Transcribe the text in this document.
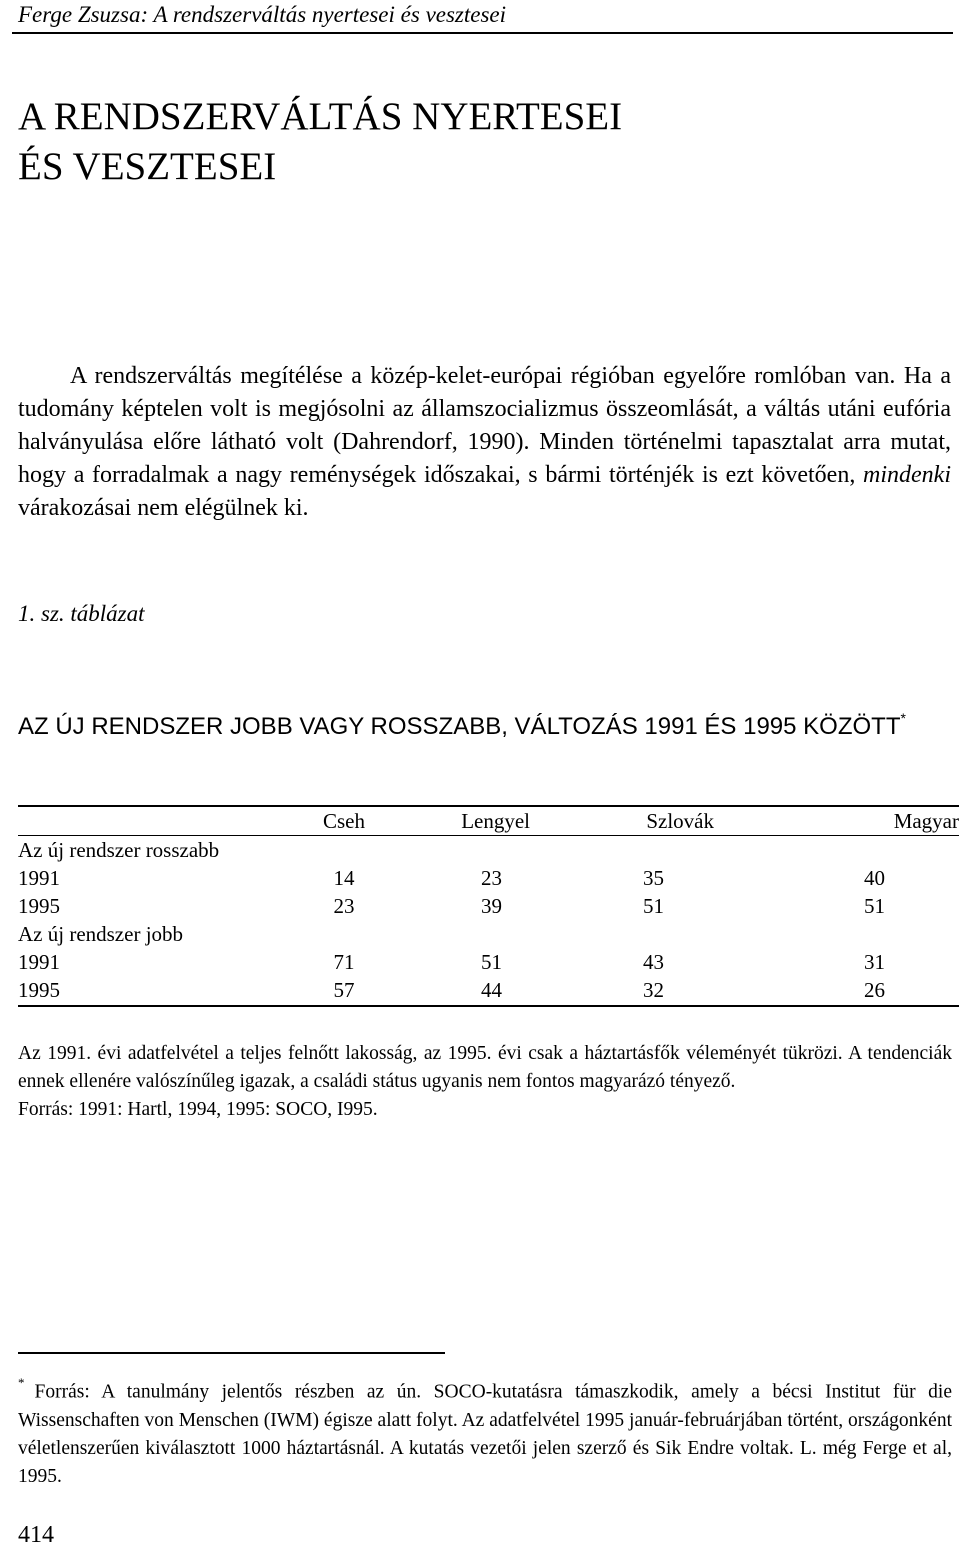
Ferge Zsuzsa: A rendszerváltás nyertesei és vesztesei
A RENDSZERVÁLTÁS NYERTESEI
ÉS VESZTESEI

A rendszerváltás megítélése a közép-kelet-európai régióban egyelőre romlóban van. Ha a tudomány képtelen volt is megjósolni az államszocializmus összeomlását, a váltás utáni eufória halványulása előre látható volt (Dahrendorf, 1990). Minden történelmi tapasztalat arra mutat, hogy a forradalmak a nagy reménységek időszakai, s bármi történjék is ezt követően, mindenki várakozásai nem elégülnek ki.

1. sz. táblázat
AZ ÚJ RENDSZER JOBB VAGY ROSSZABB, VÁLTOZÁS 1991 ÉS 1995 KÖZÖTT*
	Cseh	Lengyel	Szlovák	Magyar
Az új rendszer rosszabb				
1991	14	23	35	40
1995	23	39	51	51
Az új rendszer jobb				
1991	71	51	43	31
1995	57	44	32	26

Az 1991. évi adatfelvétel a teljes felnőtt lakosság, az 1995. évi csak a háztartásfők véleményét tükrözi. A tendenciák ennek ellenére valószínűleg igazak, a családi státus ugyanis nem fontos magyarázó tényező.

Forrás: 1991: Hartl, 1994, 1995: SOCO, I995.

* Forrás: A tanulmány jelentős részben az ún. SOCO-kutatásra támaszkodik, amely a bécsi Institut für die Wissenschaften von Menschen (IWM) égisze alatt folyt. Az adatfelvétel 1995 január-februárjában történt, országonként véletlenszerűen kiválasztott 1000 háztartásnál. A kutatás vezetői jelen szerző és Sik Endre voltak. L. még Ferge et al, 1995.

414
